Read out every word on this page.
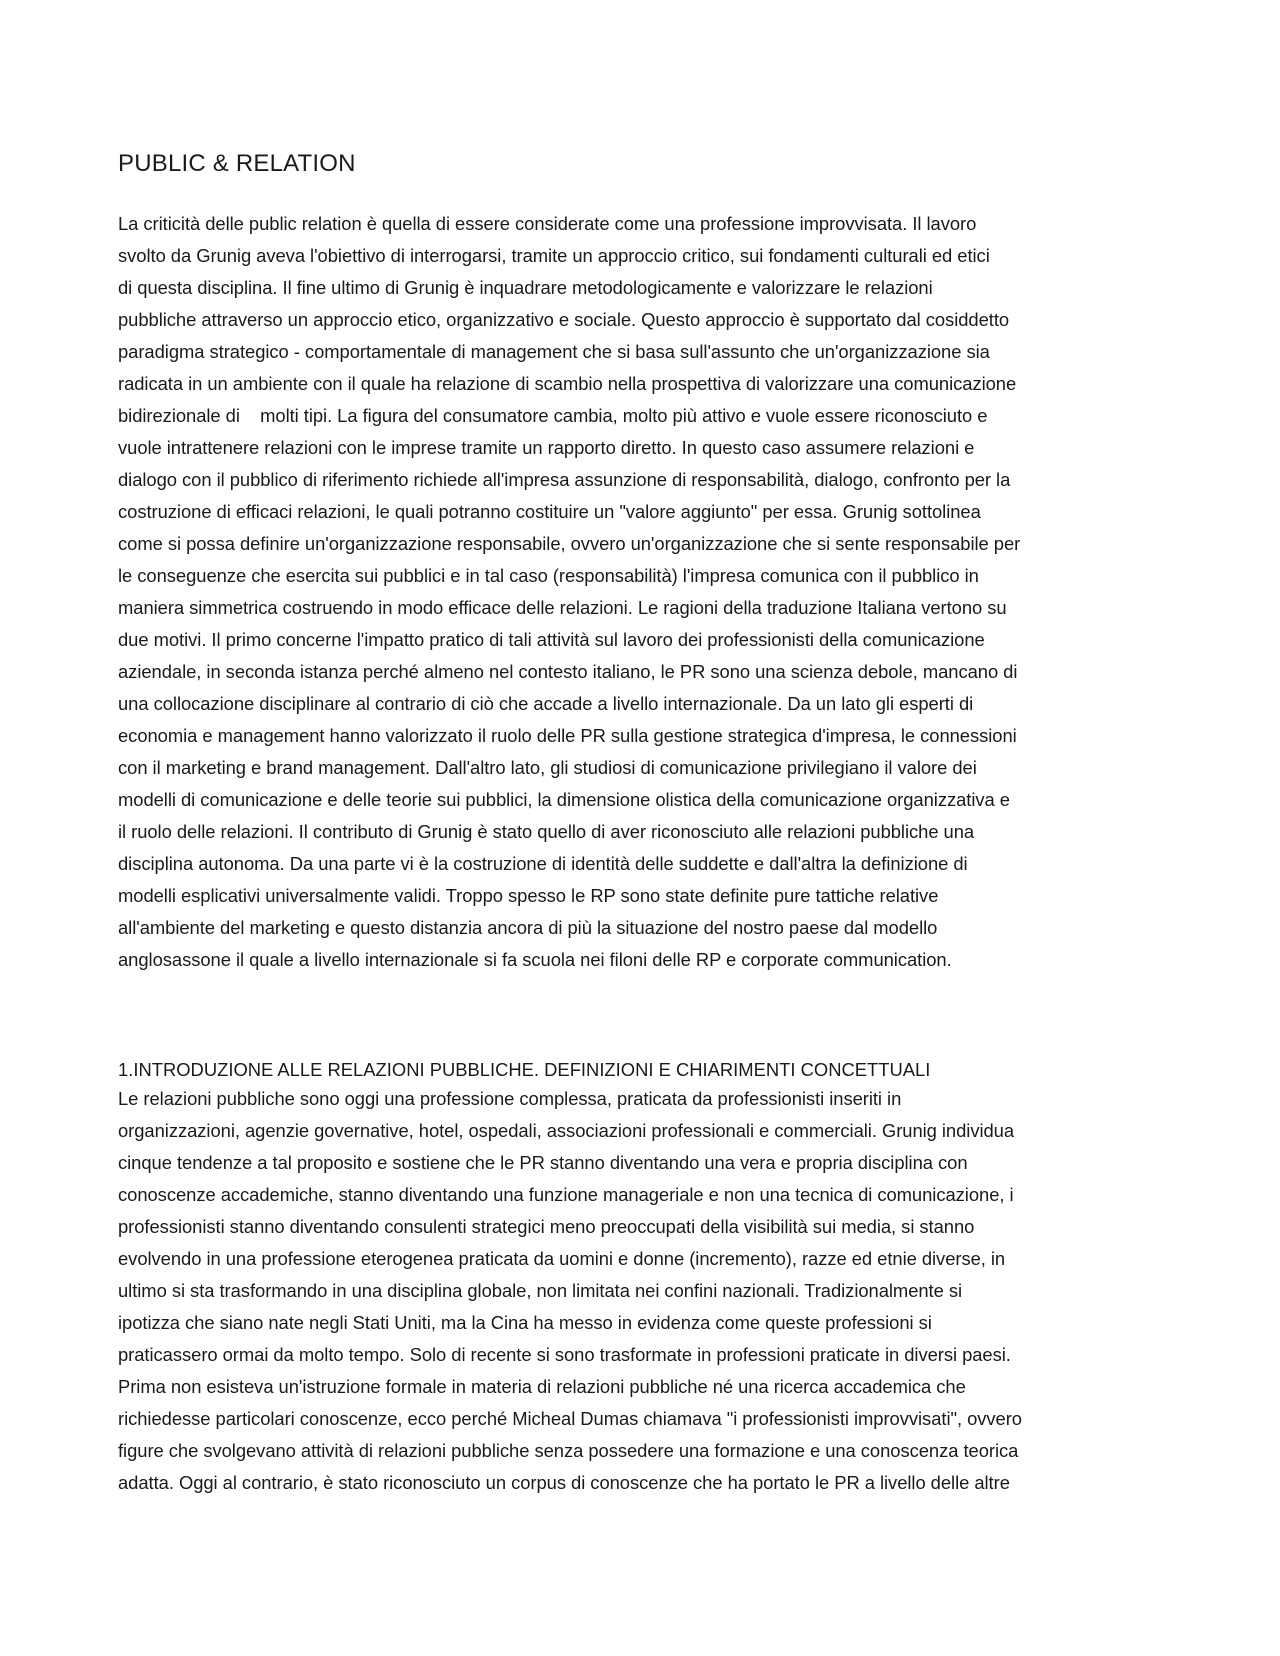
PUBLIC & RELATION

La criticità delle public relation è quella di essere considerate come una professione improvvisata. Il lavoro
svolto da Grunig aveva l'obiettivo di interrogarsi, tramite un approccio critico, sui fondamenti culturali ed etici
di questa disciplina. Il fine ultimo di Grunig è inquadrare metodologicamente e valorizzare le relazioni
pubbliche attraverso un approccio etico, organizzativo e sociale. Questo approccio è supportato dal cosiddetto
paradigma strategico - comportamentale di management che si basa sull'assunto che un'organizzazione sia
radicata in un ambiente con il quale ha relazione di scambio nella prospettiva di valorizzare una comunicazione
bidirezionale di    molti tipi. La figura del consumatore cambia, molto più attivo e vuole essere riconosciuto e
vuole intrattenere relazioni con le imprese tramite un rapporto diretto. In questo caso assumere relazioni e
dialogo con il pubblico di riferimento richiede all'impresa assunzione di responsabilità, dialogo, confronto per la
costruzione di efficaci relazioni, le quali potranno costituire un "valore aggiunto" per essa. Grunig sottolinea
come si possa definire un'organizzazione responsabile, ovvero un'organizzazione che si sente responsabile per
le conseguenze che esercita sui pubblici e in tal caso (responsabilità) l'impresa comunica con il pubblico in
maniera simmetrica costruendo in modo efficace delle relazioni. Le ragioni della traduzione Italiana vertono su
due motivi. Il primo concerne l'impatto pratico di tali attività sul lavoro dei professionisti della comunicazione
aziendale, in seconda istanza perché almeno nel contesto italiano, le PR sono una scienza debole, mancano di
una collocazione disciplinare al contrario di ciò che accade a livello internazionale. Da un lato gli esperti di
economia e management hanno valorizzato il ruolo delle PR sulla gestione strategica d'impresa, le connessioni
con il marketing e brand management. Dall'altro lato, gli studiosi di comunicazione privilegiano il valore dei
modelli di comunicazione e delle teorie sui pubblici, la dimensione olistica della comunicazione organizzativa e
il ruolo delle relazioni. Il contributo di Grunig è stato quello di aver riconosciuto alle relazioni pubbliche una
disciplina autonoma. Da una parte vi è la costruzione di identità delle suddette e dall'altra la definizione di
modelli esplicativi universalmente validi. Troppo spesso le RP sono state definite pure tattiche relative
all'ambiente del marketing e questo distanzia ancora di più la situazione del nostro paese dal modello
anglosassone il quale a livello internazionale si fa scuola nei filoni delle RP e corporate communication.

1.INTRODUZIONE ALLE RELAZIONI PUBBLICHE. DEFINIZIONI E CHIARIMENTI CONCETTUALI

Le relazioni pubbliche sono oggi una professione complessa, praticata da professionisti inseriti in
organizzazioni, agenzie governative, hotel, ospedali, associazioni professionali e commerciali. Grunig individua
cinque tendenze a tal proposito e sostiene che le PR stanno diventando una vera e propria disciplina con
conoscenze accademiche, stanno diventando una funzione manageriale e non una tecnica di comunicazione, i
professionisti stanno diventando consulenti strategici meno preoccupati della visibilità sui media, si stanno
evolvendo in una professione eterogenea praticata da uomini e donne (incremento), razze ed etnie diverse, in
ultimo si sta trasformando in una disciplina globale, non limitata nei confini nazionali. Tradizionalmente si
ipotizza che siano nate negli Stati Uniti, ma la Cina ha messo in evidenza come queste professioni si
praticassero ormai da molto tempo. Solo di recente si sono trasformate in professioni praticate in diversi paesi.
Prima non esisteva un'istruzione formale in materia di relazioni pubbliche né una ricerca accademica che
richiedesse particolari conoscenze, ecco perché Micheal Dumas chiamava "i professionisti improvvisati", ovvero
figure che svolgevano attività di relazioni pubbliche senza possedere una formazione e una conoscenza teorica
adatta. Oggi al contrario, è stato riconosciuto un corpus di conoscenze che ha portato le PR a livello delle altre
